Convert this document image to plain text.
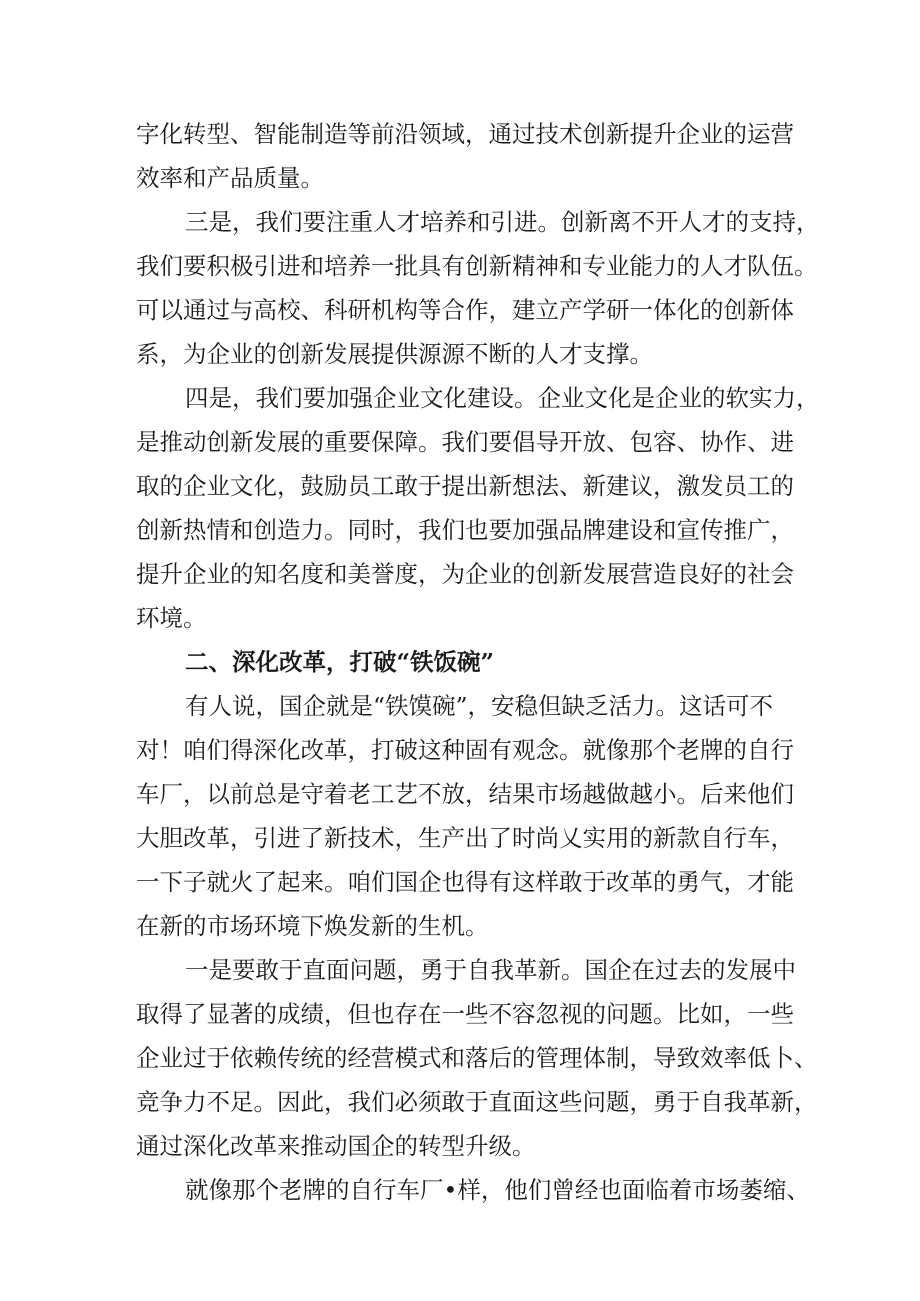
字化转型、智能制造等前沿领域，通过技术创新提升企业的运营
效率和产品质量。
三是，我们要注重人才培养和引进。创新离不开人才的支持，
我们要积极引进和培养一批具有创新精神和专业能力的人才队伍。
可以通过与高校、科研机构等合作，建立产学研一体化的创新体
系，为企业的创新发展提供源源不断的人才支撑。
四是，我们要加强企业文化建设。企业文化是企业的软实力，
是推动创新发展的重要保障。我们要倡导开放、包容、协作、进
取的企业文化，鼓励员工敢于提出新想法、新建议，激发员工的
创新热情和创造力。同时，我们也要加强品牌建设和宣传推广，
提升企业的知名度和美誉度，为企业的创新发展营造良好的社会
环境。
二、深化改革，打破“铁饭碗”
有人说，国企就是“铁馍碗”，安稳但缺乏活力。这话可不
对！咱们得深化改革，打破这种固有观念。就像那个老牌的自行
车厂，以前总是守着老工艺不放，结果市场越做越小。后来他们
大胆改革，引进了新技术，生产出了时尚乂实用的新款自行车，
一下子就火了起来。咱们国企也得有这样敢于改革的勇气，才能
在新的市场环境下焕发新的生机。
一是要敢于直面问题，勇于自我革新。国企在过去的发展中
取得了显著的成绩，但也存在一些不容忽视的问题。比如，一些
企业过于依赖传统的经营模式和落后的管理体制，导致效率低卜、
竞争力不足。因此，我们必须敢于直面这些问题，勇于自我革新，
通过深化改革来推动国企的转型升级。
就像那个老牌的自行车厂•样，他们曾经也面临着市场萎缩、
